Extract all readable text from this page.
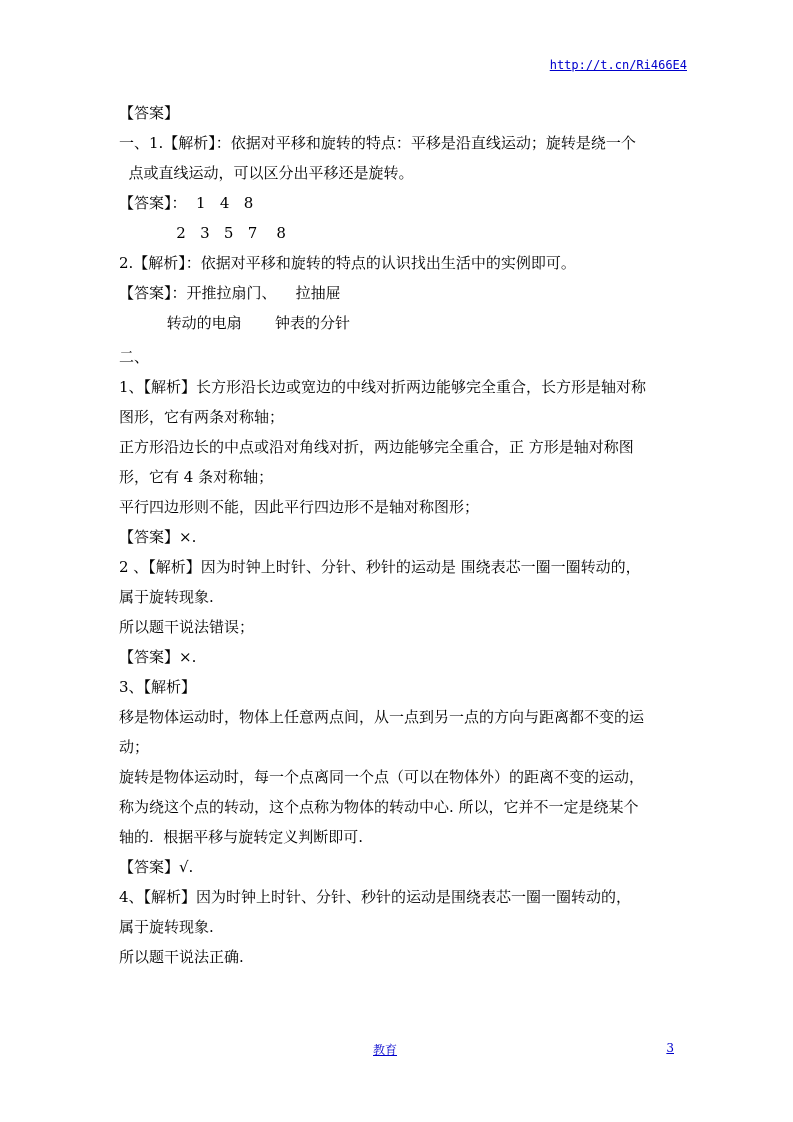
http://t.cn/Ri466E4
【答案】
一、1.【解析】：依据对平移和旋转的特点：平移是沿直线运动；旋转是绕一个
点或直线运动，可以区分出平移还是旋转。
【答案】：  1   4   8
2   3   5   7    8
2.【解析】：依据对平移和旋转的特点的认识找出生活中的实例即可。
【答案】：开推拉扇门、    拉抽屉
转动的电扇       钟表的分针
二、
1、【解析】长方形沿长边或宽边的中线对折两边能够完全重合，长方形是轴对称
图形，它有两条对称轴；
正方形沿边长的中点或沿对角线对折，两边能够完全重合，正 方形是轴对称图
形，它有 4 条对称轴；
平行四边形则不能，因此平行四边形不是轴对称图形；
【答案】×.
2 、【解析】因为时钟上时针、分针、秒针的运动是 围绕表芯一圈一圈转动的，
属于旋转现象.
所以题干说法错误；
【答案】×.
3、【解析】
移是物体运动时，物体上任意两点间，从一点到另一点的方向与距离都不变的运
动；
旋转是物体运动时，每一个点离同一个点（可以在物体外）的距离不变的运动，
称为绕这个点的转动，这个点称为物体的转动中心. 所以，它并不一定是绕某个
轴的.  根据平移与旋转定义判断即可.
【答案】√.
4、【解析】因为时钟上时针、分针、秒针的运动是围绕表芯一圈一圈转动的，
属于旋转现象.
所以题干说法正确.
教育	3
